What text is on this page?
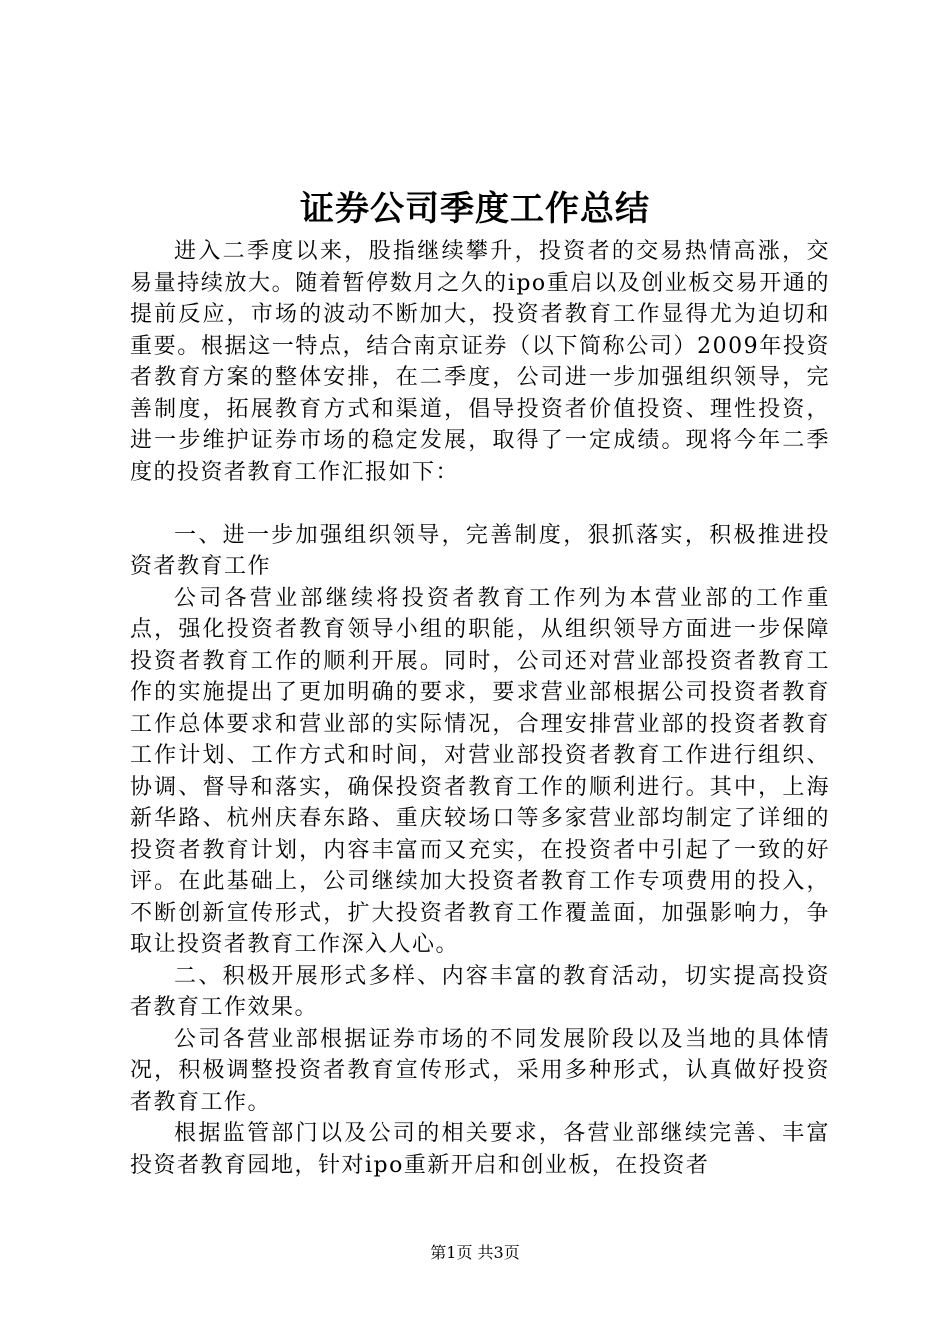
证券公司季度工作总结

进入二季度以来，股指继续攀升，投资者的交易热情高涨，交易量持续放大。随着暂停数月之久的ipo重启以及创业板交易开通的提前反应，市场的波动不断加大，投资者教育工作显得尤为迫切和重要。根据这一特点，结合南京证券（以下简称公司）2009年投资者教育方案的整体安排，在二季度，公司进一步加强组织领导，完善制度，拓展教育方式和渠道，倡导投资者价值投资、理性投资，进一步维护证券市场的稳定发展，取得了一定成绩。现将今年二季度的投资者教育工作汇报如下：

一、进一步加强组织领导，完善制度，狠抓落实，积极推进投资者教育工作

公司各营业部继续将投资者教育工作列为本营业部的工作重点，强化投资者教育领导小组的职能，从组织领导方面进一步保障投资者教育工作的顺利开展。同时，公司还对营业部投资者教育工作的实施提出了更加明确的要求，要求营业部根据公司投资者教育工作总体要求和营业部的实际情况，合理安排营业部的投资者教育工作计划、工作方式和时间，对营业部投资者教育工作进行组织、协调、督导和落实，确保投资者教育工作的顺利进行。其中，上海新华路、杭州庆春东路、重庆较场口等多家营业部均制定了详细的投资者教育计划，内容丰富而又充实，在投资者中引起了一致的好评。在此基础上，公司继续加大投资者教育工作专项费用的投入，不断创新宣传形式，扩大投资者教育工作覆盖面，加强影响力，争取让投资者教育工作深入人心。

二、积极开展形式多样、内容丰富的教育活动，切实提高投资者教育工作效果。

公司各营业部根据证券市场的不同发展阶段以及当地的具体情况，积极调整投资者教育宣传形式，采用多种形式，认真做好投资者教育工作。

根据监管部门以及公司的相关要求，各营业部继续完善、丰富投资者教育园地，针对ipo重新开启和创业板，在投资者

第1页 共3页
